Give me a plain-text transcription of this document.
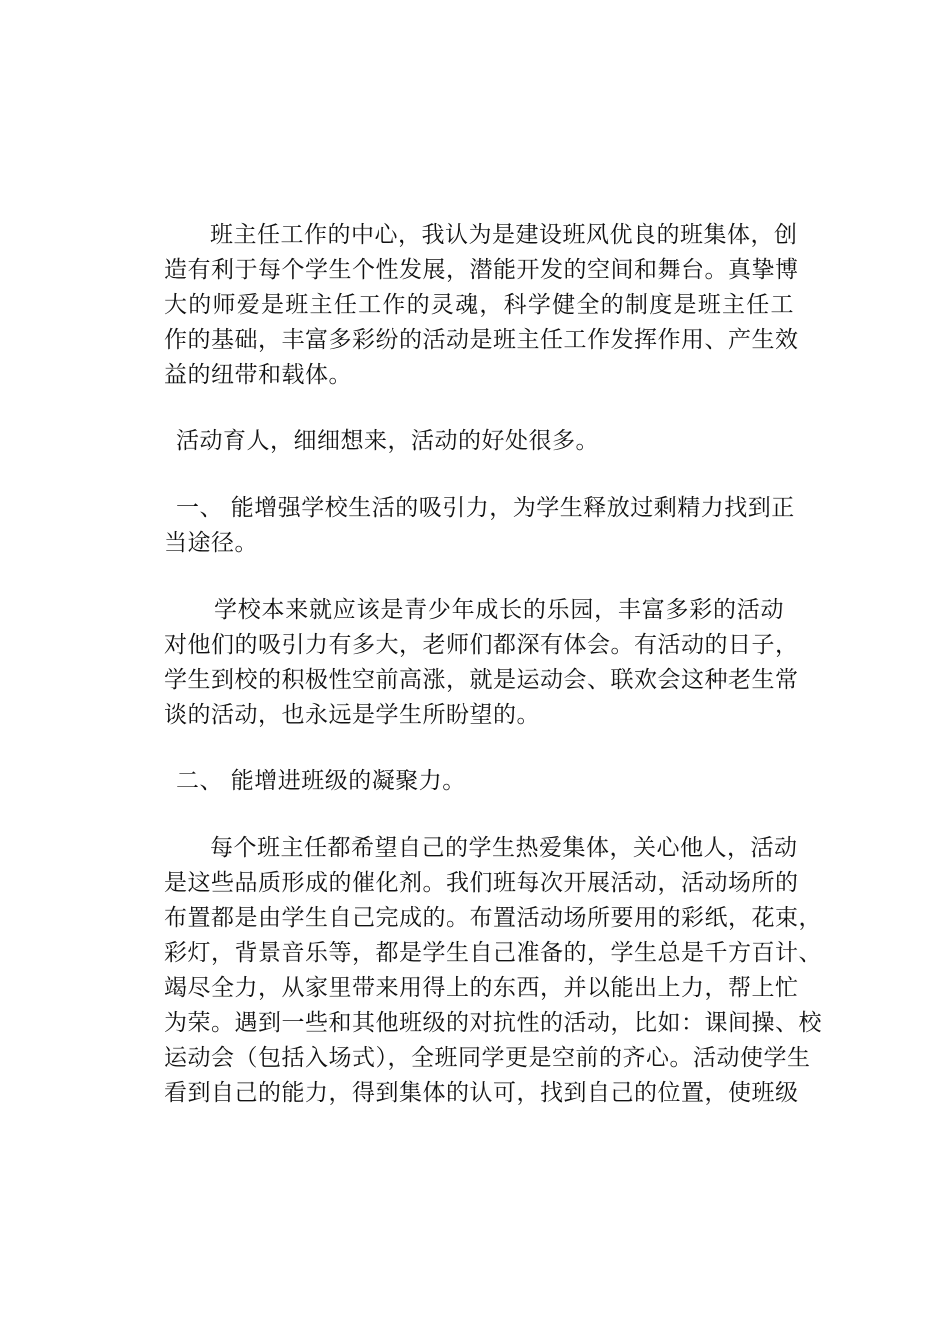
班主任工作的中心，我认为是建设班风优良的班集体，创
造有利于每个学生个性发展，潜能开发的空间和舞台。真挚博
大的师爱是班主任工作的灵魂，科学健全的制度是班主任工
作的基础，丰富多彩纷的活动是班主任工作发挥作用、产生效
益的纽带和载体。
活动育人，细细想来，活动的好处很多。
一、 能增强学校生活的吸引力，为学生释放过剩精力找到正
当途径。
学校本来就应该是青少年成长的乐园，丰富多彩的活动
对他们的吸引力有多大，老师们都深有体会。有活动的日子，
学生到校的积极性空前高涨，就是运动会、联欢会这种老生常
谈的活动，也永远是学生所盼望的。
二、 能增进班级的凝聚力。
每个班主任都希望自己的学生热爱集体，关心他人，活动
是这些品质形成的催化剂。我们班每次开展活动，活动场所的
布置都是由学生自己完成的。布置活动场所要用的彩纸，花束，
彩灯，背景音乐等，都是学生自己准备的，学生总是千方百计、
竭尽全力，从家里带来用得上的东西，并以能出上力，帮上忙
为荣。遇到一些和其他班级的对抗性的活动，比如：课间操、校
运动会（包括入场式），全班同学更是空前的齐心。活动使学生
看到自己的能力，得到集体的认可，找到自己的位置，使班级
